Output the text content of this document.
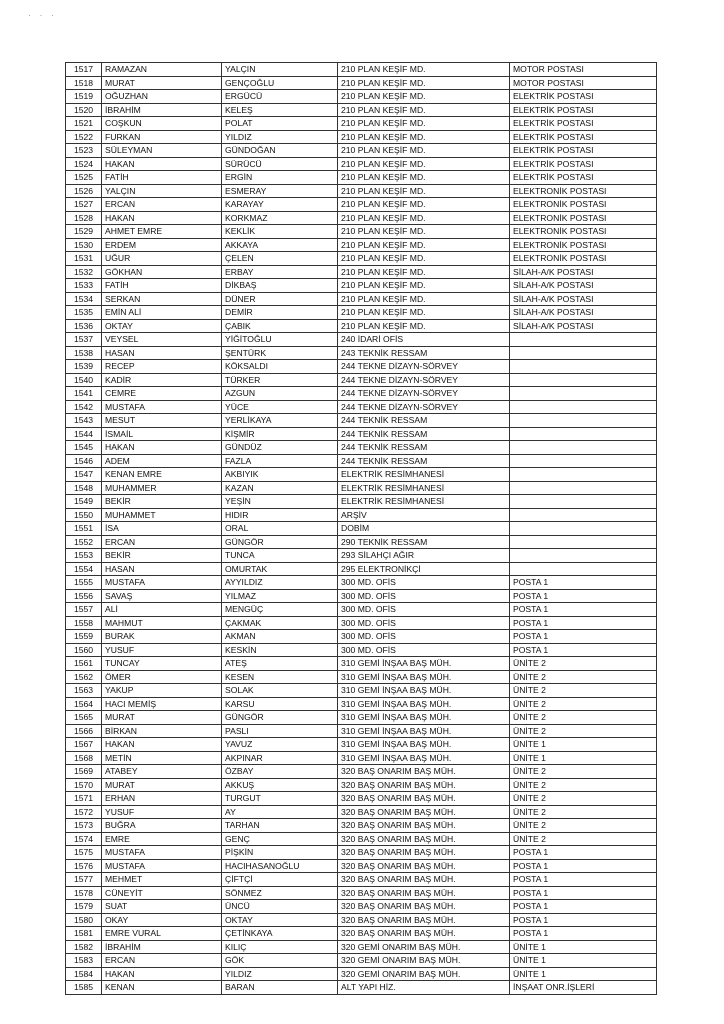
· · ·
1517	RAMAZAN	YALÇIN	210 PLAN KEŞİF MD.	MOTOR POSTASI
1518	MURAT	GENÇOĞLU	210 PLAN KEŞİF MD.	MOTOR POSTASI
1519	OĞUZHAN	ERGÜCÜ	210 PLAN KEŞİF MD.	ELEKTRİK POSTASI
1520	İBRAHİM	KELEŞ	210 PLAN KEŞİF MD.	ELEKTRİK POSTASI
1521	COŞKUN	POLAT	210 PLAN KEŞİF MD.	ELEKTRİK POSTASI
1522	FURKAN	YILDIZ	210 PLAN KEŞİF MD.	ELEKTRİK POSTASI
1523	SÜLEYMAN	GÜNDOĞAN	210 PLAN KEŞİF MD.	ELEKTRİK POSTASI
1524	HAKAN	SÜRÜCÜ	210 PLAN KEŞİF MD.	ELEKTRİK POSTASI
1525	FATİH	ERGİN	210 PLAN KEŞİF MD.	ELEKTRİK POSTASI
1526	YALÇIN	ESMERAY	210 PLAN KEŞİF MD.	ELEKTRONİK POSTASI
1527	ERCAN	KARAYAY	210 PLAN KEŞİF MD.	ELEKTRONİK POSTASI
1528	HAKAN	KORKMAZ	210 PLAN KEŞİF MD.	ELEKTRONİK POSTASI
1529	AHMET EMRE	KEKLİK	210 PLAN KEŞİF MD.	ELEKTRONİK POSTASI
1530	ERDEM	AKKAYA	210 PLAN KEŞİF MD.	ELEKTRONİK POSTASI
1531	UĞUR	ÇELEN	210 PLAN KEŞİF MD.	ELEKTRONİK POSTASI
1532	GÖKHAN	ERBAY	210 PLAN KEŞİF MD.	SİLAH-A/K POSTASI
1533	FATİH	DİKBAŞ	210 PLAN KEŞİF MD.	SİLAH-A/K POSTASI
1534	SERKAN	DÜNER	210 PLAN KEŞİF MD.	SİLAH-A/K POSTASI
1535	EMİN ALİ	DEMİR	210 PLAN KEŞİF MD.	SİLAH-A/K POSTASI
1536	OKTAY	ÇABIK	210 PLAN KEŞİF MD.	SİLAH-A/K POSTASI
1537	VEYSEL	YİĞİTOĞLU	240 İDARİ OFİS	
1538	HASAN	ŞENTÜRK	243 TEKNİK RESSAM	
1539	RECEP	KÖKSALDI	244 TEKNE DİZAYN-SÖRVEY	
1540	KADİR	TÜRKER	244 TEKNE DİZAYN-SÖRVEY	
1541	CEMRE	AZGUN	244 TEKNE DİZAYN-SÖRVEY	
1542	MUSTAFA	YÜCE	244 TEKNE DİZAYN-SÖRVEY	
1543	MESUT	YERLİKAYA	244 TEKNİK RESSAM	
1544	İSMAİL	KİŞMİR	244 TEKNİK RESSAM	
1545	HAKAN	GÜNDÜZ	244 TEKNİK RESSAM	
1546	ADEM	FAZLA	244 TEKNİK RESSAM	
1547	KENAN EMRE	AKBIYIK	ELEKTRİK RESİMHANESİ	
1548	MUHAMMER	KAZAN	ELEKTRİK RESİMHANESİ	
1549	BEKİR	YEŞİN	ELEKTRİK RESİMHANESİ	
1550	MUHAMMET	HIDIR	ARŞİV	
1551	İSA	ORAL	DOBİM	
1552	ERCAN	GÜNGÖR	290 TEKNİK RESSAM	
1553	BEKİR	TUNCA	293 SİLAHÇI AĞIR	
1554	HASAN	OMURTAK	295 ELEKTRONİKÇİ	
1555	MUSTAFA	AYYILDIZ	300 MD. OFİS	POSTA 1
1556	SAVAŞ	YILMAZ	300 MD. OFİS	POSTA 1
1557	ALİ	MENGÜÇ	300 MD. OFİS	POSTA 1
1558	MAHMUT	ÇAKMAK	300 MD. OFİS	POSTA 1
1559	BURAK	AKMAN	300 MD. OFİS	POSTA 1
1560	YUSUF	KESKİN	300 MD. OFİS	POSTA 1
1561	TUNCAY	ATEŞ	310 GEMİ İNŞAA BAŞ MÜH.	ÜNİTE 2
1562	ÖMER	KESEN	310 GEMİ İNŞAA BAŞ MÜH.	ÜNİTE 2
1563	YAKUP	SOLAK	310 GEMİ İNŞAA BAŞ MÜH.	ÜNİTE 2
1564	HACI MEMİŞ	KARSU	310 GEMİ İNŞAA BAŞ MÜH.	ÜNİTE 2
1565	MURAT	GÜNGÖR	310 GEMİ İNŞAA BAŞ MÜH.	ÜNİTE 2
1566	BİRKAN	PASLI	310 GEMİ İNŞAA BAŞ MÜH.	ÜNİTE 2
1567	HAKAN	YAVUZ	310 GEMİ İNŞAA BAŞ MÜH.	ÜNİTE 1
1568	METİN	AKPINAR	310 GEMİ İNŞAA BAŞ MÜH.	ÜNİTE 1
1569	ATABEY	ÖZBAY	320 BAŞ ONARIM BAŞ MÜH.	ÜNİTE 2
1570	MURAT	AKKUŞ	320 BAŞ ONARIM BAŞ MÜH.	ÜNİTE 2
1571	ERHAN	TURGUT	320 BAŞ ONARIM BAŞ MÜH.	ÜNİTE 2
1572	YUSUF	AY	320 BAŞ ONARIM BAŞ MÜH.	ÜNİTE 2
1573	BUĞRA	TARHAN	320 BAŞ ONARIM BAŞ MÜH.	ÜNİTE 2
1574	EMRE	GENÇ	320 BAŞ ONARIM BAŞ MÜH.	ÜNİTE 2
1575	MUSTAFA	PİŞKİN	320 BAŞ ONARIM BAŞ MÜH.	POSTA 1
1576	MUSTAFA	HACIHASANOĞLU	320 BAŞ ONARIM BAŞ MÜH.	POSTA 1
1577	MEHMET	ÇİFTÇİ	320 BAŞ ONARIM BAŞ MÜH.	POSTA 1
1578	CÜNEYİT	SÖNMEZ	320 BAŞ ONARIM BAŞ MÜH.	POSTA 1
1579	SUAT	ÜNCÜ	320 BAŞ ONARIM BAŞ MÜH.	POSTA 1
1580	OKAY	OKTAY	320 BAŞ ONARIM BAŞ MÜH.	POSTA 1
1581	EMRE VURAL	ÇETİNKAYA	320 BAŞ ONARIM BAŞ MÜH.	POSTA 1
1582	İBRAHİM	KILIÇ	320 GEMİ ONARIM BAŞ MÜH.	ÜNİTE 1
1583	ERCAN	GÖK	320 GEMİ ONARIM BAŞ MÜH.	ÜNİTE 1
1584	HAKAN	YILDIZ	320 GEMİ ONARIM BAŞ MÜH.	ÜNİTE 1
1585	KENAN	BARAN	ALT YAPI HİZ.	İNŞAAT ONR.İŞLERİ
